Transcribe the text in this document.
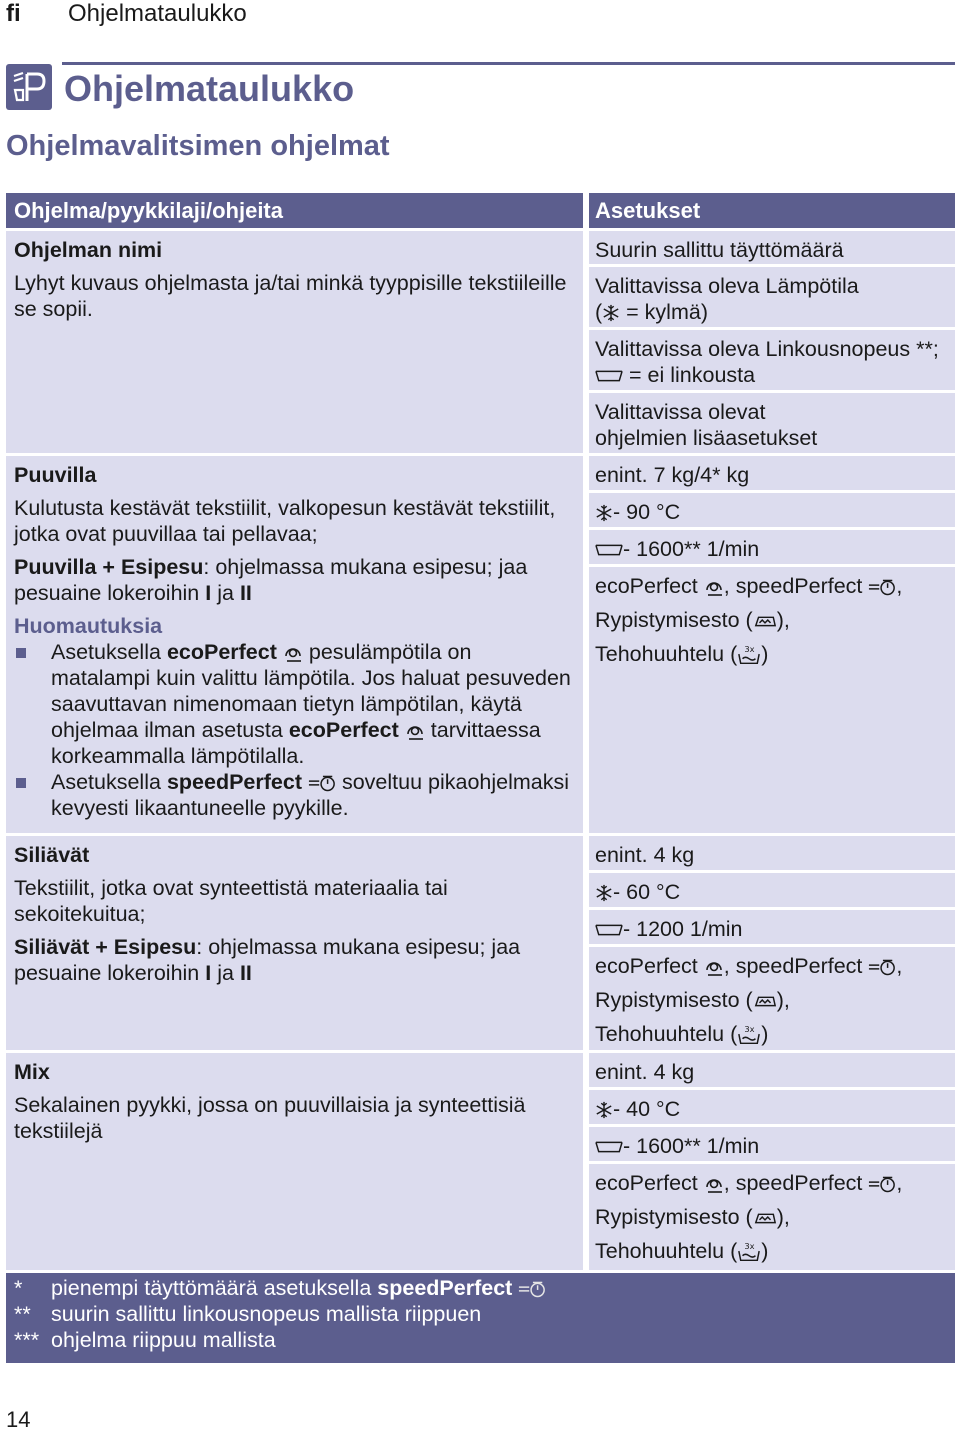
fi Ohjelmataulukko
Ohjelmataulukko
Ohjelmavalitsimen ohjelmat
Ohjelma/pyykkilaji/ohjeita	Asetukset

Ohjelman nimi

Lyhyt kuvaus ohjelmasta ja/tai minkä tyyppisille tekstiileille se sopii.

Suurin sallittu täyttömäärä
Valittavissa oleva Lämpötila
( = kylmä)
Valittavissa oleva Linkousnopeus **;
= ei linkousta
Valittavissa olevat
ohjelmien lisäasetukset

Puuvilla

Kulutusta kestävät tekstiilit, valkopesun kestävät tekstiilit, jotka ovat puuvillaa tai pellavaa;

Puuvilla + Esipesu: ohjelmassa mukana esipesu; jaa pesuaine lokeroihin I ja II

Huomautuksia

Asetuksella ecoPerfect pesulämpötila on matalampi kuin valittu lämpötila. Jos haluat pesuveden saavuttavan nimenomaan tietyn lämpötilan, käytä ohjelmaa ilman asetusta ecoPerfect tarvittaessa korkeammalla lämpötilalla.
Asetuksella speedPerfect soveltuu pikaohjelmaksi kevyesti likaantuneelle pyykille.
enint. 7 kg/4* kg
- 90 °C
- 1600** 1/min
ecoPerfect , speedPerfect ,
Rypistymisesto ( ),
Tehohuuhtelu ( )

Siliävät

Tekstiilit, jotka ovat synteettistä materiaalia tai sekoitekuitua;

Siliävät + Esipesu: ohjelmassa mukana esipesu; jaa pesuaine lokeroihin I ja II

enint. 4 kg
- 60 °C
- 1200 1/min
ecoPerfect , speedPerfect ,
Rypistymisesto ( ),
Tehohuuhtelu ( )

Mix

Sekalainen pyykki, jossa on puuvillaisia ja synteettisiä tekstiilejä

enint. 4 kg
- 40 °C
- 1600** 1/min
ecoPerfect , speedPerfect ,
Rypistymisesto ( ),
Tehohuuhtelu ( )
*	pienempi täyttömäärä asetuksella speedPerfect
** suurin sallittu linkousnopeus mallista riippuen
*** ohjelma riippuu mallista
14
